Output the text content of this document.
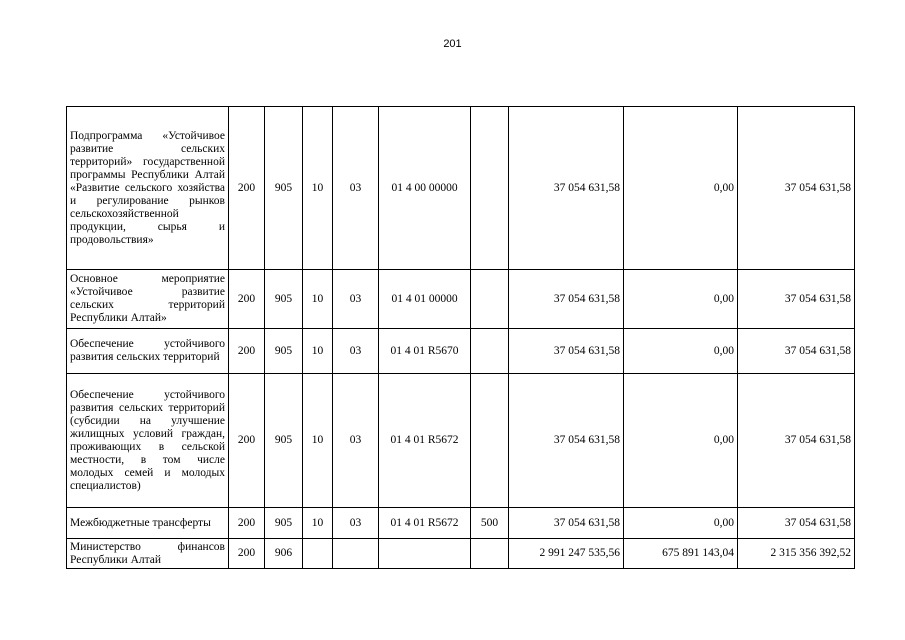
201
Подпрограмма «Устойчивое развитие сельских территорий» государственной программы Республики Алтай «Развитие сельского хозяйства и регулирование рынков сельскохозяйственной продукции, сырья и продовольствия»	200	905	10	03	01 4 00 00000		37 054 631,58	0,00	37 054 631,58
Основное мероприятие «Устойчивое развитие сельских территорий Республики Алтай»	200	905	10	03	01 4 01 00000		37 054 631,58	0,00	37 054 631,58
Обеспечение устойчивого развития сельских территорий	200	905	10	03	01 4 01 R5670		37 054 631,58	0,00	37 054 631,58
Обеспечение устойчивого развития сельских территорий (субсидии на улучшение жилищных условий граждан, проживающих в сельской местности, в том числе молодых семей и молодых специалистов)	200	905	10	03	01 4 01 R5672		37 054 631,58	0,00	37 054 631,58
Межбюджетные трансферты	200	905	10	03	01 4 01 R5672	500	37 054 631,58	0,00	37 054 631,58
Министерство финансов Республики Алтай	200	906					2 991 247 535,56	675 891 143,04	2 315 356 392,52
